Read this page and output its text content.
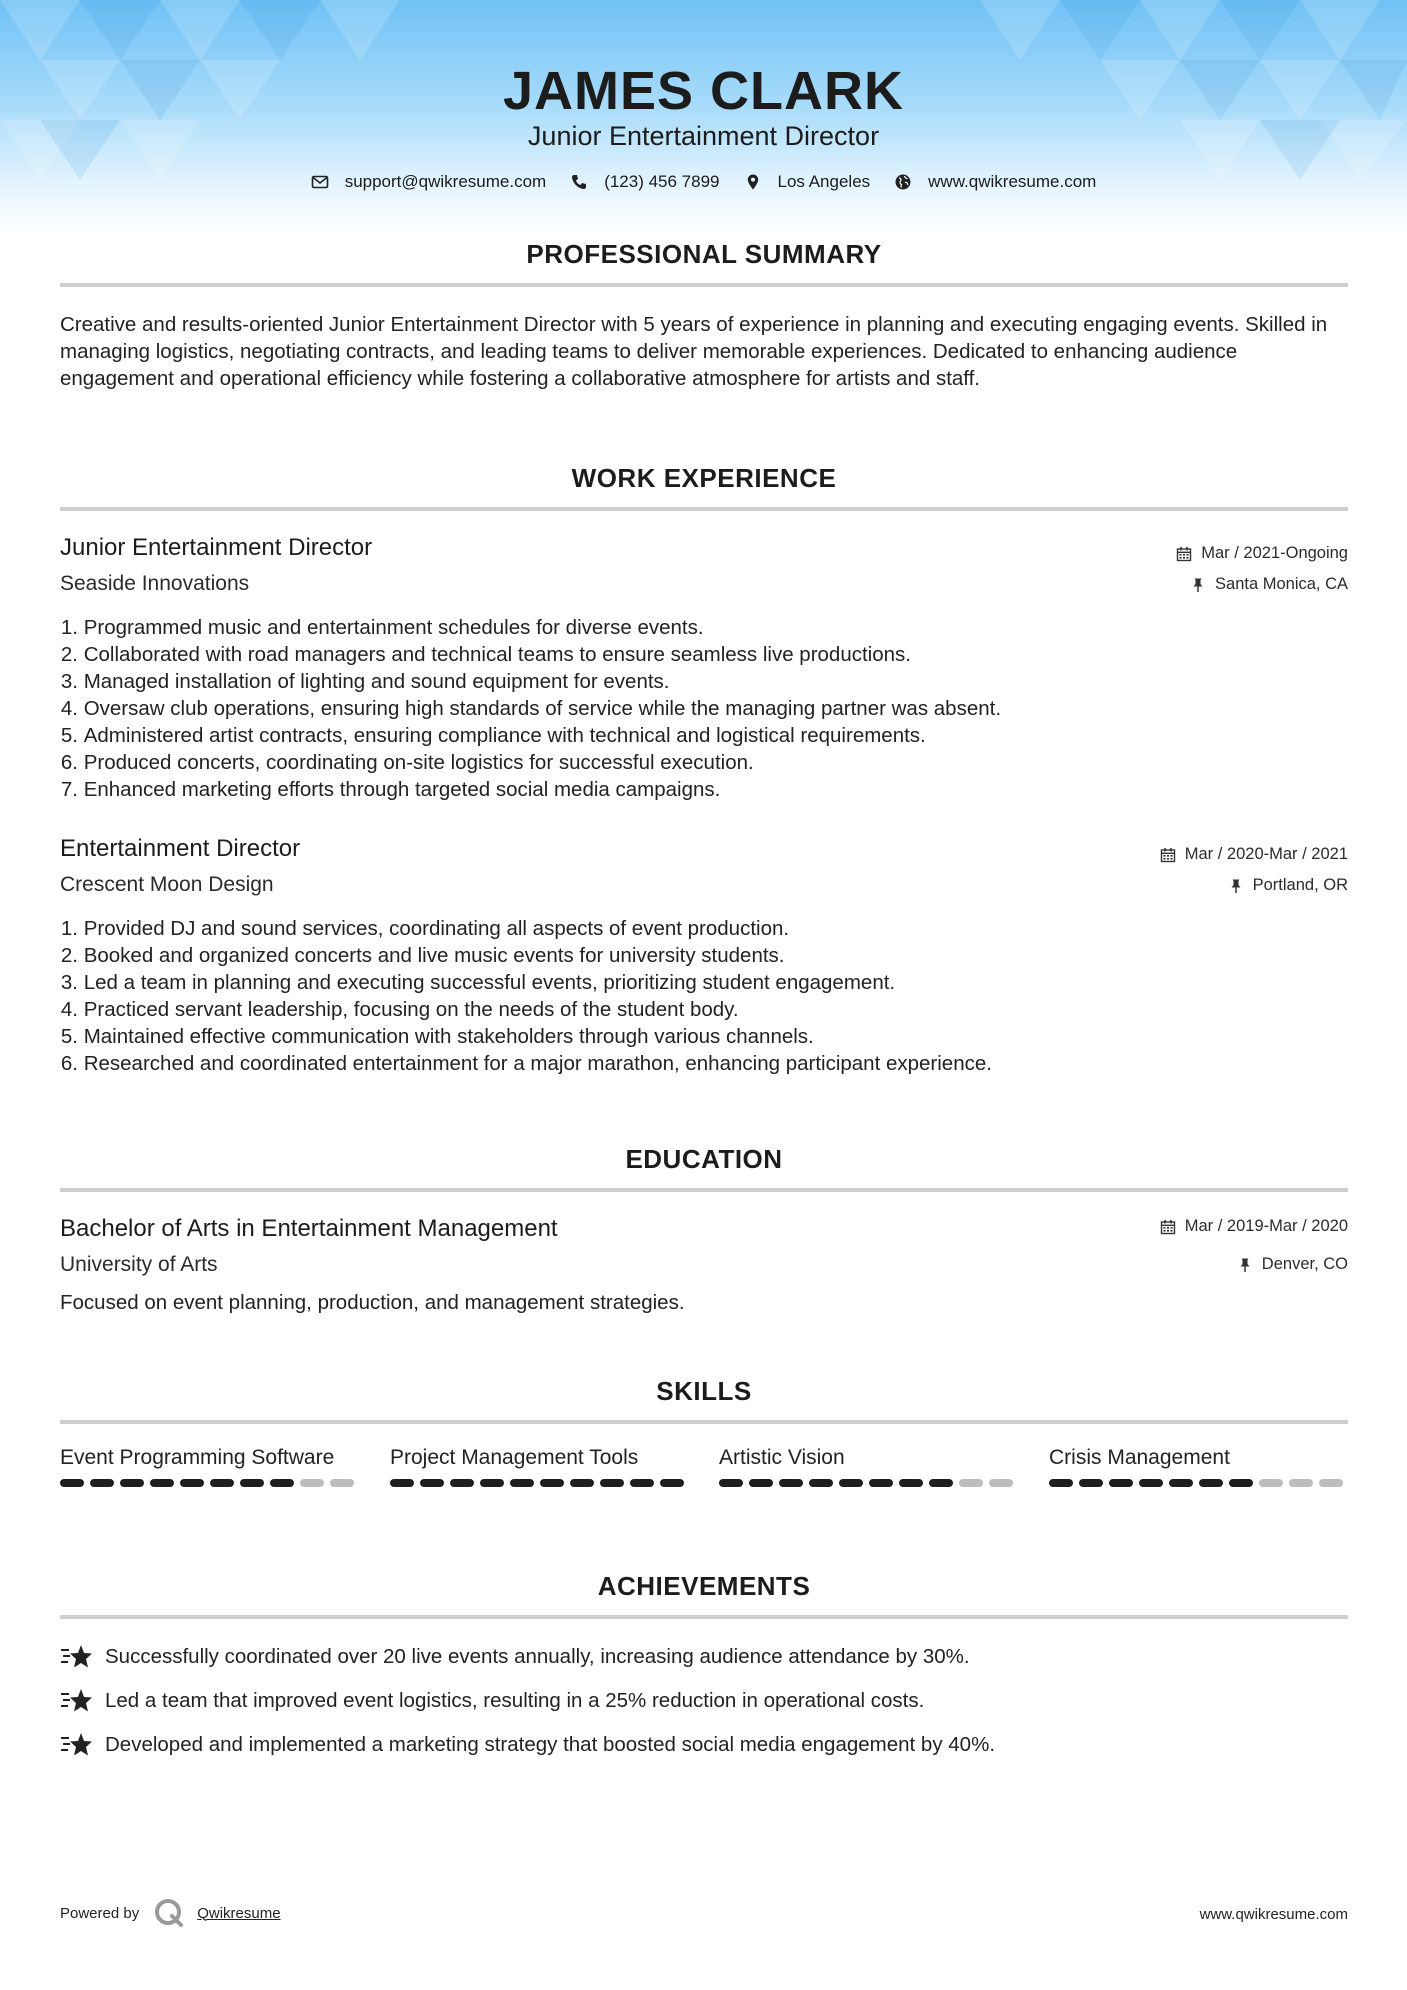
JAMES CLARK
Junior Entertainment Director
support@qwikresume.com	(123) 456 7899	Los Angeles	www.qwikresume.com
PROFESSIONAL SUMMARY
Creative and results-oriented Junior Entertainment Director with 5 years of experience in planning and executing engaging events. Skilled in managing logistics, negotiating contracts, and leading teams to deliver memorable experiences. Dedicated to enhancing audience engagement and operational efficiency while fostering a collaborative atmosphere for artists and staff.
WORK EXPERIENCE
Junior Entertainment Director	Mar / 2021-Ongoing
Seaside Innovations	Santa Monica, CA
1.
Programmed music and entertainment schedules for diverse events.
2.
Collaborated with road managers and technical teams to ensure seamless live productions.
3.
Managed installation of lighting and sound equipment for events.
4.
Oversaw club operations, ensuring high standards of service while the managing partner was absent.
5.
Administered artist contracts, ensuring compliance with technical and logistical requirements.
6.
Produced concerts, coordinating on-site logistics for successful execution.
7.
Enhanced marketing efforts through targeted social media campaigns.
Entertainment Director	Mar / 2020-Mar / 2021
Crescent Moon Design	Portland, OR
1.
Provided DJ and sound services, coordinating all aspects of event production.
2.
Booked and organized concerts and live music events for university students.
3.
Led a team in planning and executing successful events, prioritizing student engagement.
4.
Practiced servant leadership, focusing on the needs of the student body.
5.
Maintained effective communication with stakeholders through various channels.
6.
Researched and coordinated entertainment for a major marathon, enhancing participant experience.
EDUCATION
Bachelor of Arts in Entertainment Management	Mar / 2019-Mar / 2020
University of Arts	Denver, CO
Focused on event planning, production, and management strategies.
SKILLS
Event Programming Software	Project Management Tools	Artistic Vision	Crisis Management
ACHIEVEMENTS
Successfully coordinated over 20 live events annually, increasing audience attendance by 30%.
Led a team that improved event logistics, resulting in a 25% reduction in operational costs.
Developed and implemented a marketing strategy that boosted social media engagement by 40%.
Powered by	Qwikresume	www.qwikresume.com
